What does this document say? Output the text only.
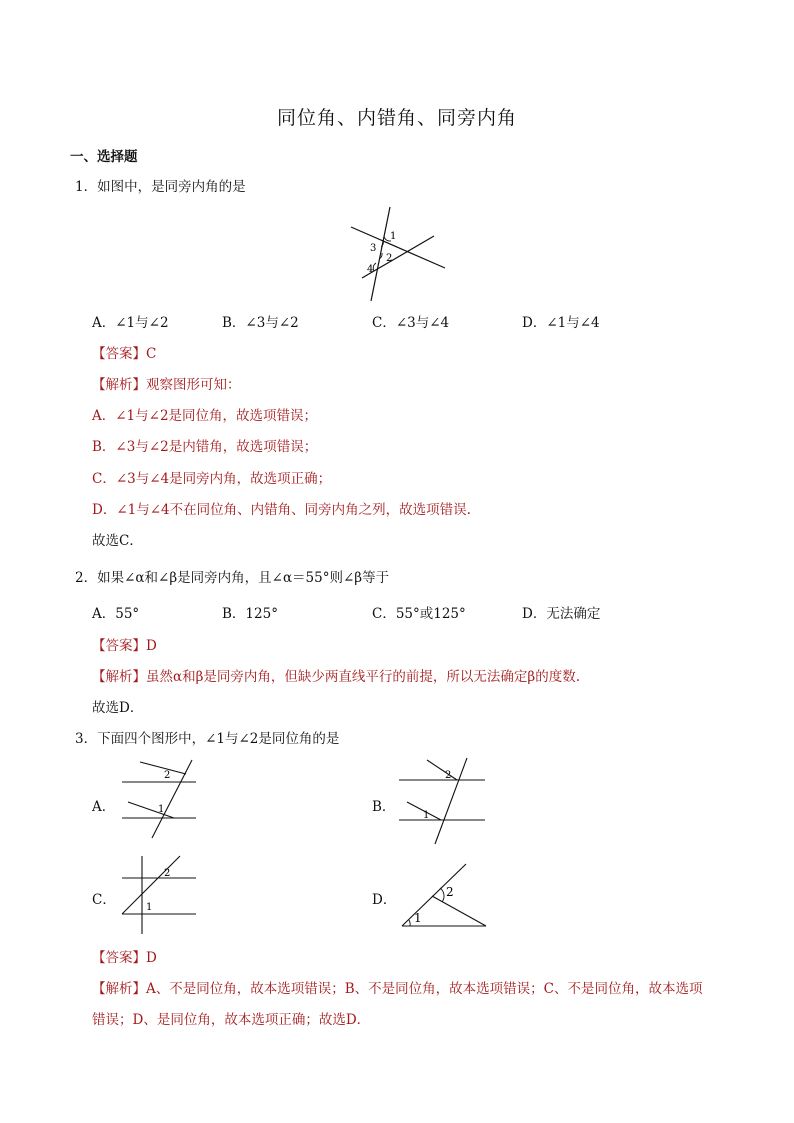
同位角、内错角、同旁内角
一、选择题
1．如图中，是同旁内角的是
1
2
3
4
A．∠1与∠2	B．∠3与∠2	C．∠3与∠4	D．∠1与∠4
【答案】C
【解析】观察图形可知：
A．∠1与∠2是同位角，故选项错误；
B．∠3与∠2是内错角，故选项错误；
C．∠3与∠4是同旁内角，故选项正确；
D．∠1与∠4不在同位角、内错角、同旁内角之列，故选项错误.
故选C．
2．如果∠α和∠β是同旁内角，且∠α＝55°则∠β等于
A．55°	B．125°	C．55°或125°	D．无法确定
【答案】D
【解析】虽然α和β是同旁内角，但缺少两直线平行的前提，所以无法确定β的度数.
故选D．
3．下面四个图形中，∠1与∠2是同位角的是
A．
2
1	B．
2
1
C．
2
1	D．	2
1
【答案】D
【解析】A、不是同位角，故本选项错误；B、不是同位角，故本选项错误；C、不是同位角，故本选项
错误；D、是同位角，故本选项正确；故选D．
